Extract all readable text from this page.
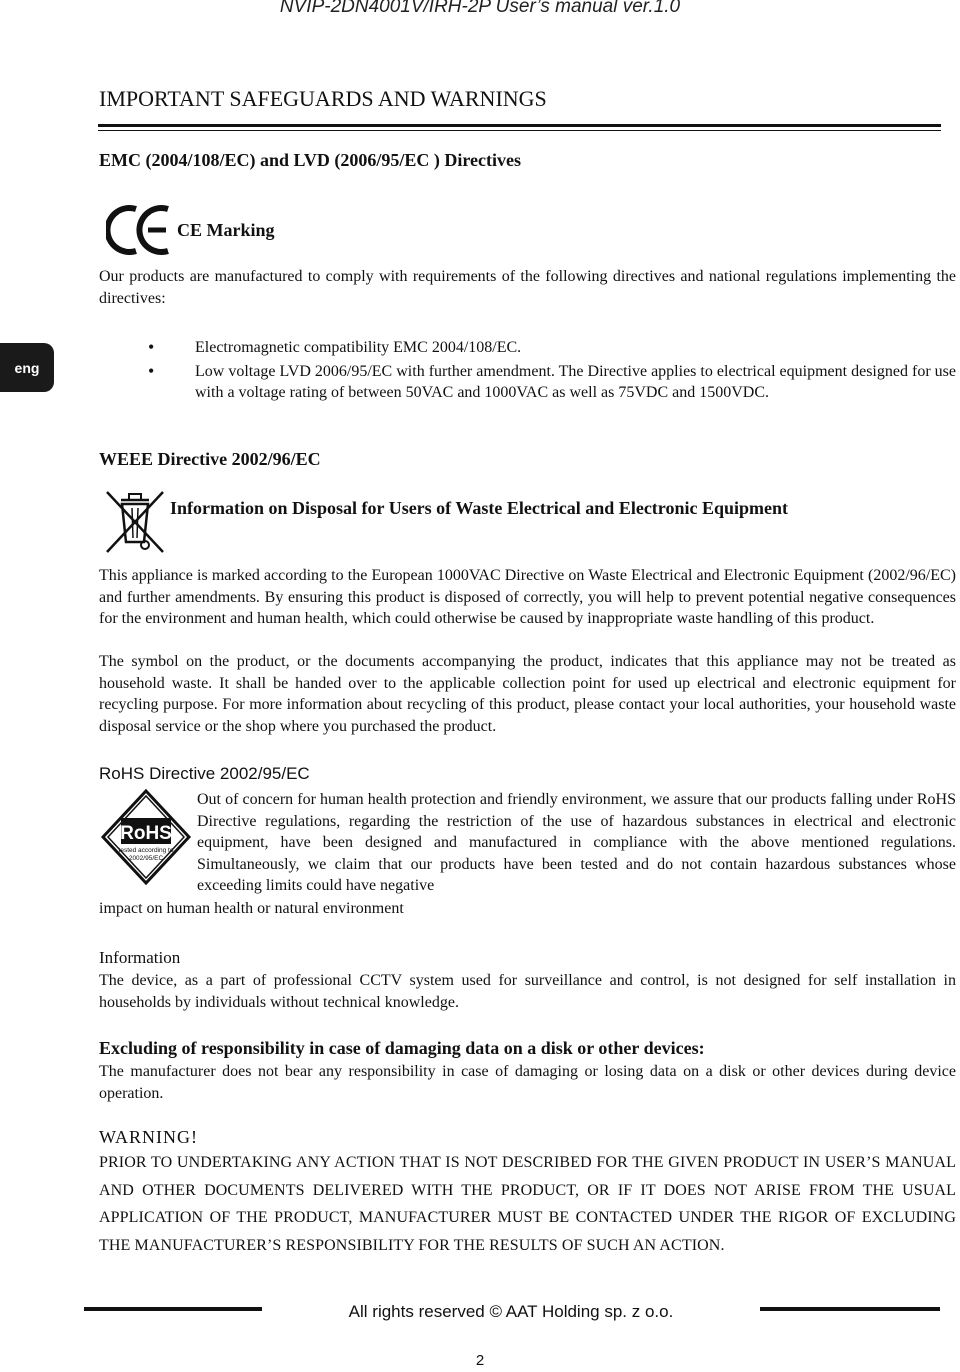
NVIP-2DN4001V/IRH-2P User’s manual ver.1.0
eng
IMPORTANT SAFEGUARDS AND WARNINGS
EMC (2004/108/EC) and LVD (2006/95/EC ) Directives
CE Marking
Our products are manufactured to comply with requirements of the following directives and national regulations implementing the directives:
• Electromagnetic compatibility EMC 2004/108/EC.
• Low voltage LVD 2006/95/EC with further amendment. The Directive applies to electrical equipment designed for use with a voltage rating of between 50VAC and 1000VAC as well as 75VDC and 1500VDC.
WEEE Directive 2002/96/EC
Information on Disposal for Users of Waste Electrical and Electronic Equipment
This appliance is marked according to the European 1000VAC Directive on Waste Electrical and Electronic Equipment (2002/96/EC) and further amendments. By ensuring this product is disposed of correctly, you will help to prevent potential negative consequences for the environment and human health, which could otherwise be caused by inappropriate waste handling of this product.
The symbol on the product, or the documents accompanying the product, indicates that this appliance may not be treated as household waste. It shall be handed over to the applicable collection point for used up electrical and electronic equipment for recycling purpose. For more information about recycling of this product, please contact your local authorities, your household waste disposal service or the shop where you purchased the product.
RoHS Directive 2002/95/EC
RoHS
tested according to
2002/95/EC
Out of concern for human health protection and friendly environment, we assure that our products falling under RoHS Directive regulations, regarding the restriction of the use of hazardous substances in electrical and electronic equipment, have been designed and manufactured in compliance with the above mentioned regulations. Simultaneously, we claim that our products have been tested and do not contain hazardous substances whose exceeding limits could have negative
impact on human health or natural environment
Information
The device, as a part of professional CCTV system used for surveillance and control, is not designed for self installation in households by individuals without technical knowledge.
Excluding of responsibility in case of damaging data on a disk or other devices:
The manufacturer does not bear any responsibility in case of damaging or losing data on a disk or other devices during device operation.
WARNING!
PRIOR TO UNDERTAKING ANY ACTION THAT IS NOT DESCRIBED FOR THE GIVEN PRODUCT IN USER’S MANUAL AND OTHER DOCUMENTS DELIVERED WITH THE PRODUCT, OR IF IT DOES NOT ARISE FROM THE USUAL APPLICATION OF THE PRODUCT, MANUFACTURER MUST BE CONTACTED UNDER THE RIGOR OF EXCLUDING THE MANUFACTURER’S RESPONSIBILITY FOR THE RESULTS OF SUCH AN ACTION.
All rights reserved © AAT Holding sp. z o.o.
2
